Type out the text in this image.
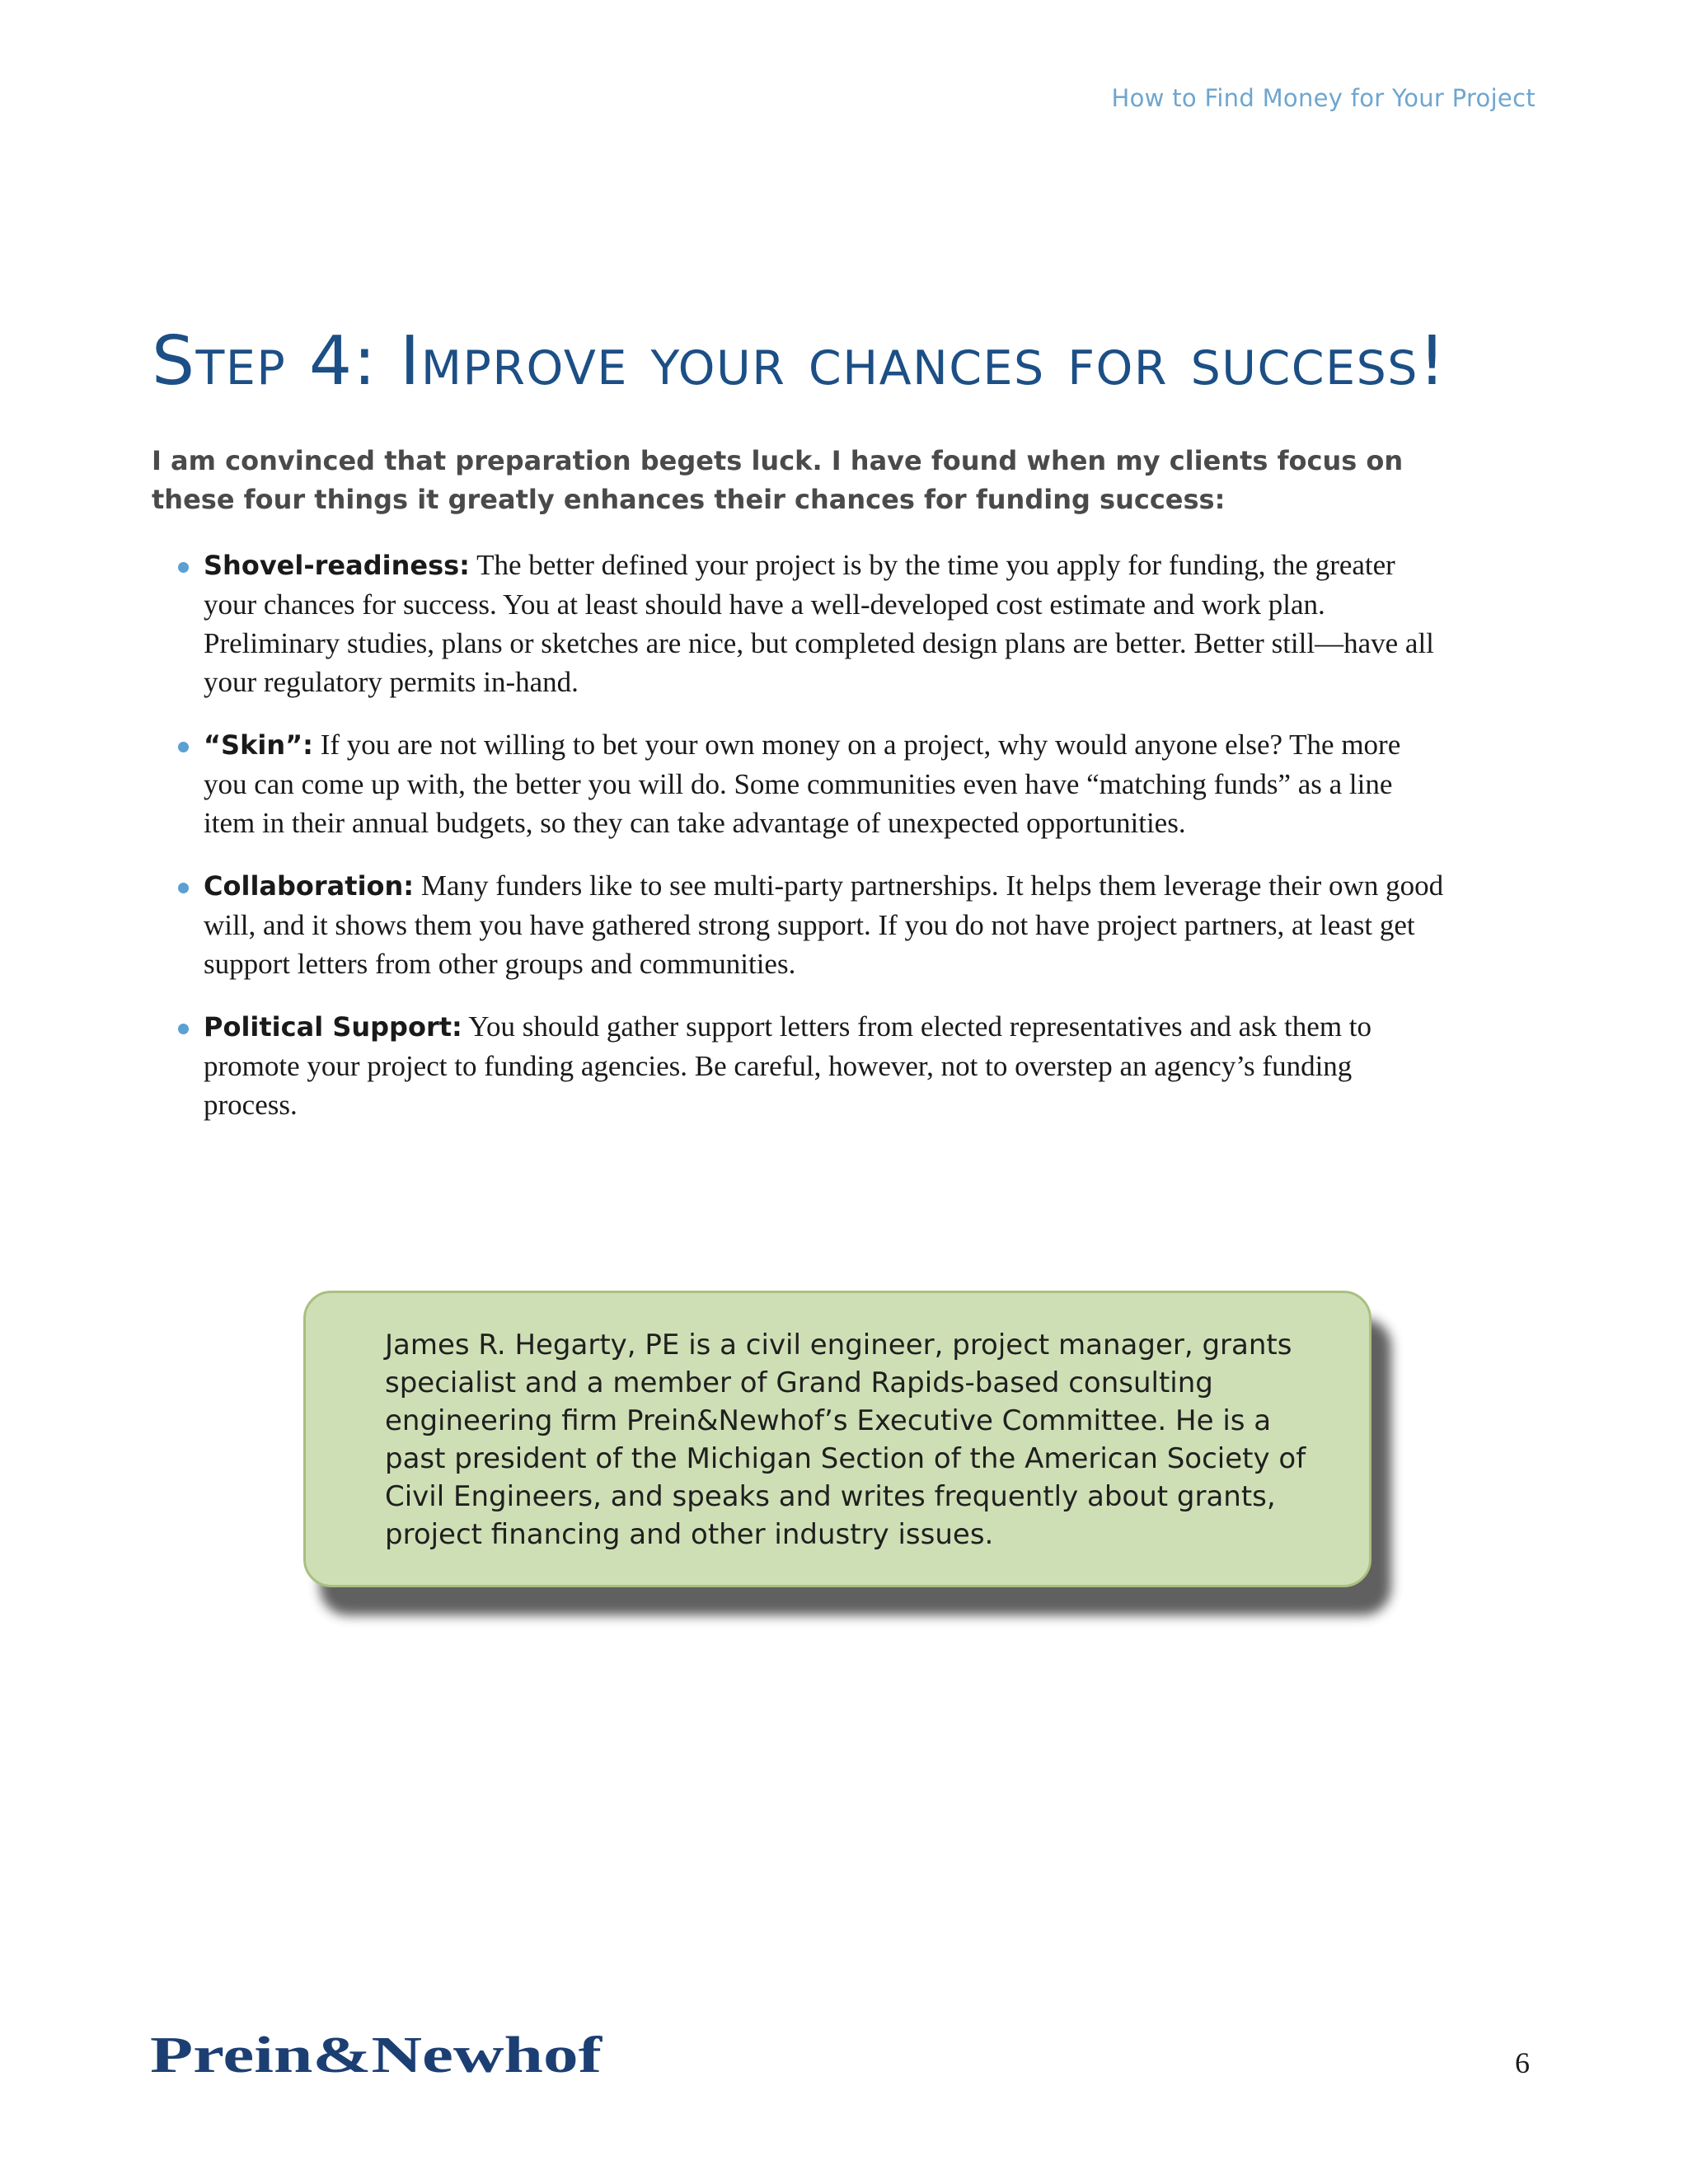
How to Find Money for Your Project
Step 4: Improve your chances for success!

I am convinced that preparation begets luck. I have found when my clients focus on these four things it greatly enhances their chances for funding success:

Shovel-readiness: The better defined your project is by the time you apply for funding, the greater your chances for success. You at least should have a well-developed cost estimate and work plan. Preliminary studies, plans or sketches are nice, but completed design plans are better. Better still—have all your regulatory permits in-hand.
“Skin”: If you are not willing to bet your own money on a project, why would anyone else? The more you can come up with, the better you will do. Some communities even have “matching funds” as a line item in their annual budgets, so they can take advantage of unexpected opportunities.
Collaboration: Many funders like to see multi-party partnerships. It helps them leverage their own good will, and it shows them you have gathered strong support. If you do not have project partners, at least get support letters from other groups and communities.
Political Support: You should gather support letters from elected representatives and ask them to promote your project to funding agencies. Be careful, however, not to overstep an agency’s funding process.

James R. Hegarty, PE is a civil engineer, project manager, grants specialist and a member of Grand Rapids-based consulting engineering firm Prein&Newhof’s Executive Committee. He is a past president of the Michigan Section of the American Society of Civil Engineers, and speaks and writes frequently about grants, project financing and other industry issues.

Prein&Newhof	6
